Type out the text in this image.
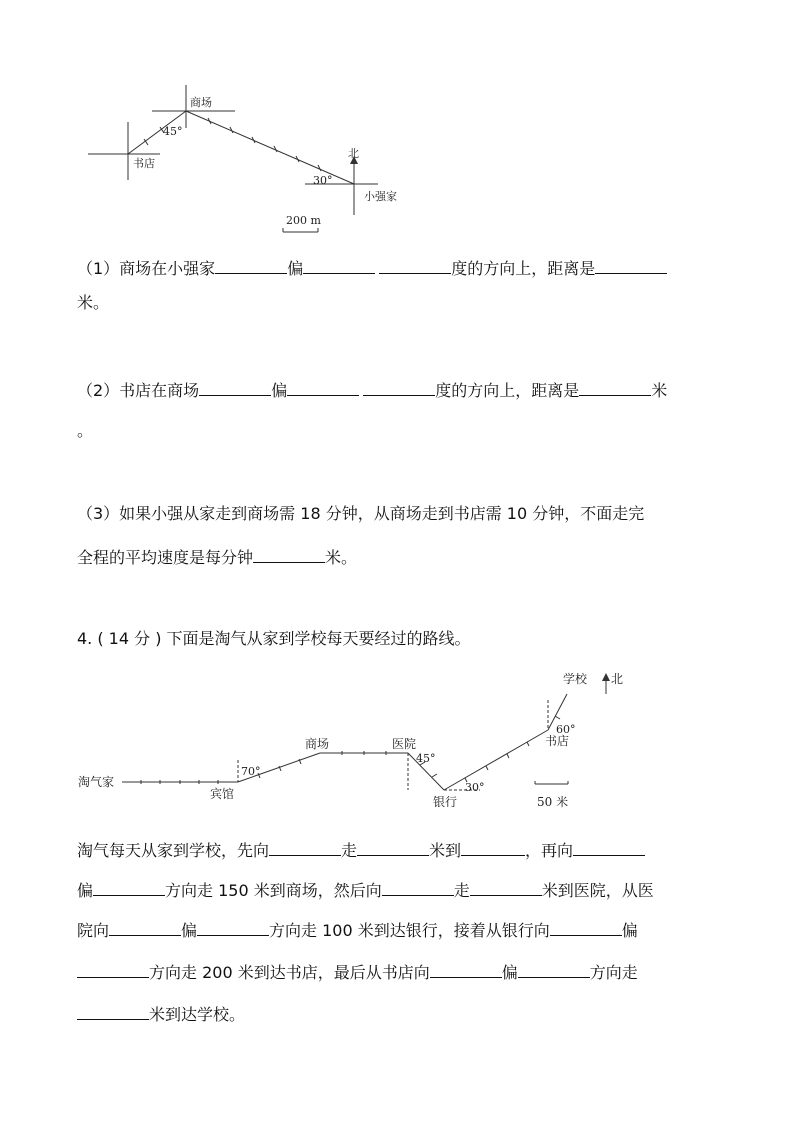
商场
书店
小强家
北
45°
30°
200 m
（1）商场在小强家	偏	度的方向上，距离是
米。
（2）书店在商场	偏	度的方向上，距离是	米
。
（3）如果小强从家走到商场需 18 分钟，从商场走到书店需 10 分钟，不面走完
全程的平均速度是每分钟	米。
4. ( 14 分 ) 下面是淘气从家到学校每天要经过的路线。
淘气家
宾馆
商场	医院
银行
书店
学校 北
70°
45°
30°
60°
50 米
淘气每天从家到学校，先向	走	米到	，再向
偏	方向走 150 米到商场，然后向	走	米到医院，从医
院向	偏	方向走 100 米到达银行，接着从银行向	偏
方向走 200 米到达书店，最后从书店向	偏	方向走
米到达学校。
